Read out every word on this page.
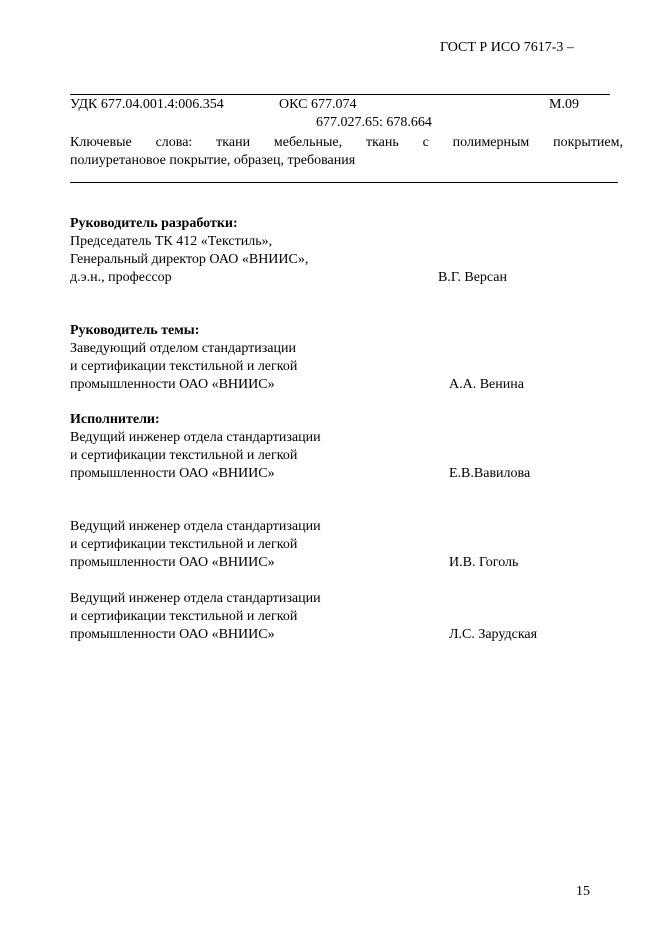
ГОСТ Р ИСО 7617-3 –
УДК 677.04.001.4:006.354	ОКС 677.074	М.09
677.027.65: 678.664
Ключевые слова: ткани мебельные, ткань с полимерным покрытием,
полиуретановое покрытие, образец, требования
Руководитель разработки:
Председатель ТК 412 «Текстиль»,
Генеральный директор ОАО «ВНИИС»,
д.э.н., профессор	В.Г. Версан
Руководитель темы:
Заведующий отделом стандартизации
и сертификации текстильной и легкой
промышленности ОАО «ВНИИС»	А.А. Венина
Исполнители:
Ведущий инженер отдела стандартизации
и сертификации текстильной и легкой
промышленности ОАО «ВНИИС»	Е.В.Вавилова
Ведущий инженер отдела стандартизации
и сертификации текстильной и легкой
промышленности ОАО «ВНИИС»	И.В. Гоголь
Ведущий инженер отдела стандартизации
и сертификации текстильной и легкой
промышленности ОАО «ВНИИС»	Л.С. Зарудская
15
